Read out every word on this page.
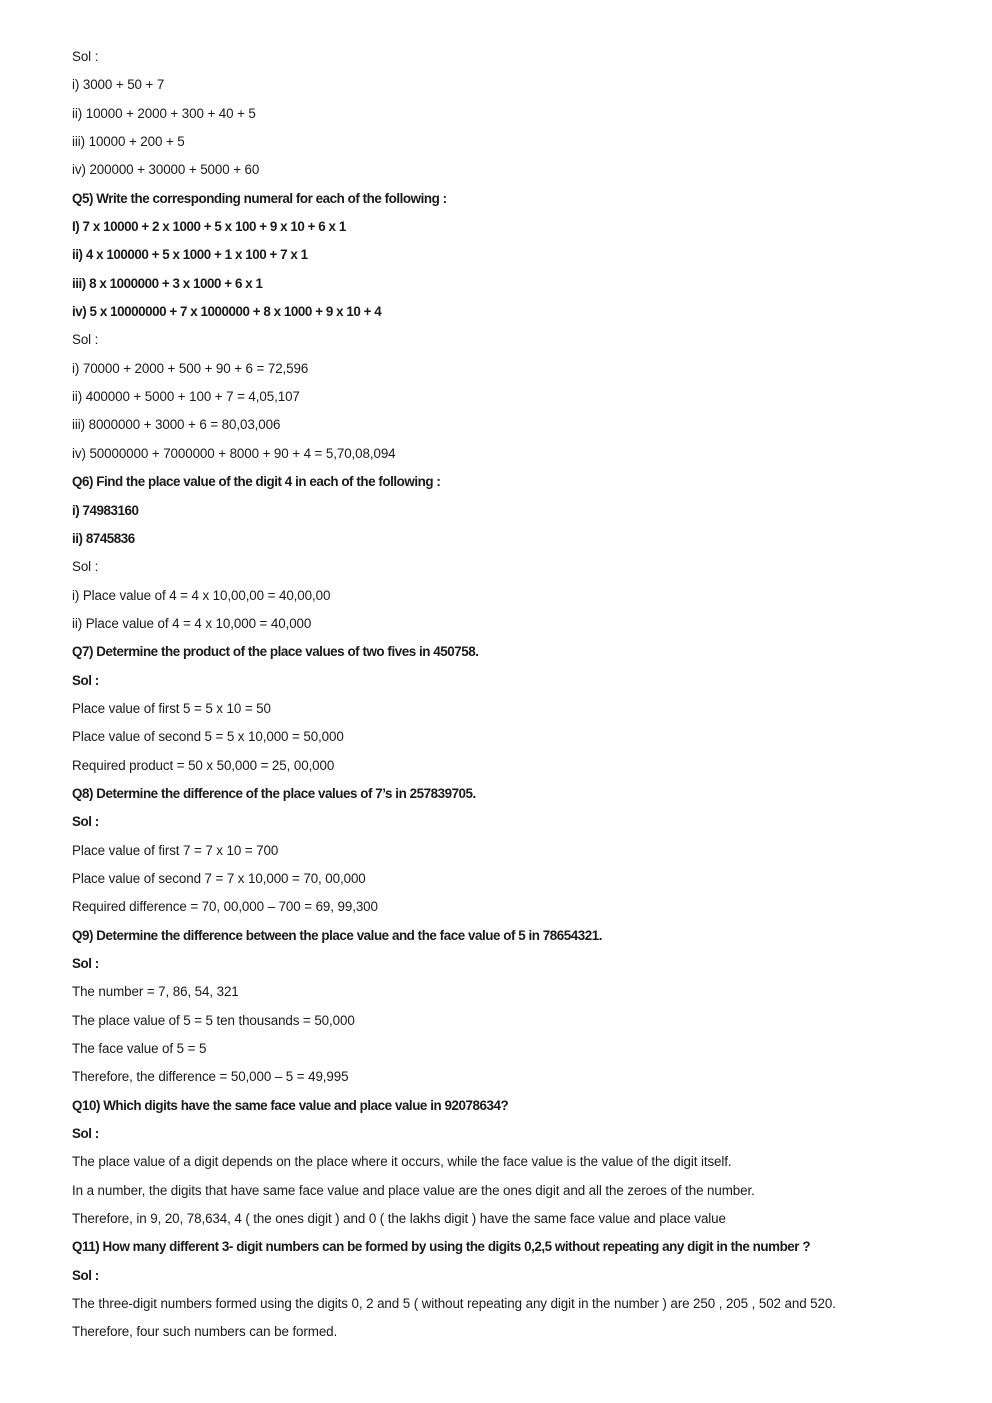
Sol :
i) 3000 + 50 + 7
ii) 10000 + 2000 + 300 + 40 + 5
iii) 10000 + 200 + 5
iv) 200000 + 30000 + 5000 + 60
Q5) Write the corresponding numeral for each of the following :
I) 7 x 10000 + 2 x 1000 + 5 x 100 + 9 x 10 + 6 x 1
ii) 4 x 100000 + 5 x 1000 + 1 x 100 + 7 x 1
iii) 8 x 1000000 + 3 x 1000 + 6 x 1
iv) 5 x 10000000 + 7 x 1000000 + 8 x 1000 + 9 x 10 + 4
Sol :
i) 70000 + 2000 + 500 + 90 + 6 = 72,596
ii) 400000 + 5000 + 100 + 7 = 4,05,107
iii) 8000000 + 3000 + 6 = 80,03,006
iv) 50000000 + 7000000 + 8000 + 90 + 4 = 5,70,08,094
Q6) Find the place value of the digit 4 in each of the following :
i) 74983160
ii) 8745836
Sol :
i) Place value of 4 = 4 x 10,00,00 = 40,00,00
ii) Place value of 4 = 4 x 10,000 = 40,000
Q7) Determine the product of the place values of two fives in 450758.
Sol :
Place value of first 5 = 5 x 10 = 50
Place value of second 5 = 5 x 10,000 = 50,000
Required product = 50 x 50,000 = 25, 00,000
Q8) Determine the difference of the place values of 7’s in 257839705.
Sol :
Place value of first 7 = 7 x 10 = 700
Place value of second 7 = 7 x 10,000 = 70, 00,000
Required difference = 70, 00,000 – 700 = 69, 99,300
Q9) Determine the difference between the place value and the face value of 5 in 78654321.
Sol :
The number = 7, 86, 54, 321
The place value of 5 = 5 ten thousands = 50,000
The face value of 5 = 5
Therefore, the difference = 50,000 – 5 = 49,995
Q10) Which digits have the same face value and place value in 92078634?
Sol :
The place value of a digit depends on the place where it occurs, while the face value is the value of the digit itself.
In a number, the digits that have same face value and place value are the ones digit and all the zeroes of the number.
Therefore, in 9, 20, 78,634, 4 ( the ones digit ) and 0 ( the lakhs digit ) have the same face value and place value
Q11) How many different 3- digit numbers can be formed by using the digits 0,2,5 without repeating any digit in the number ?
Sol :
The three-digit numbers formed using the digits 0, 2 and 5 ( without repeating any digit in the number ) are 250 , 205 , 502 and 520.
Therefore, four such numbers can be formed.
